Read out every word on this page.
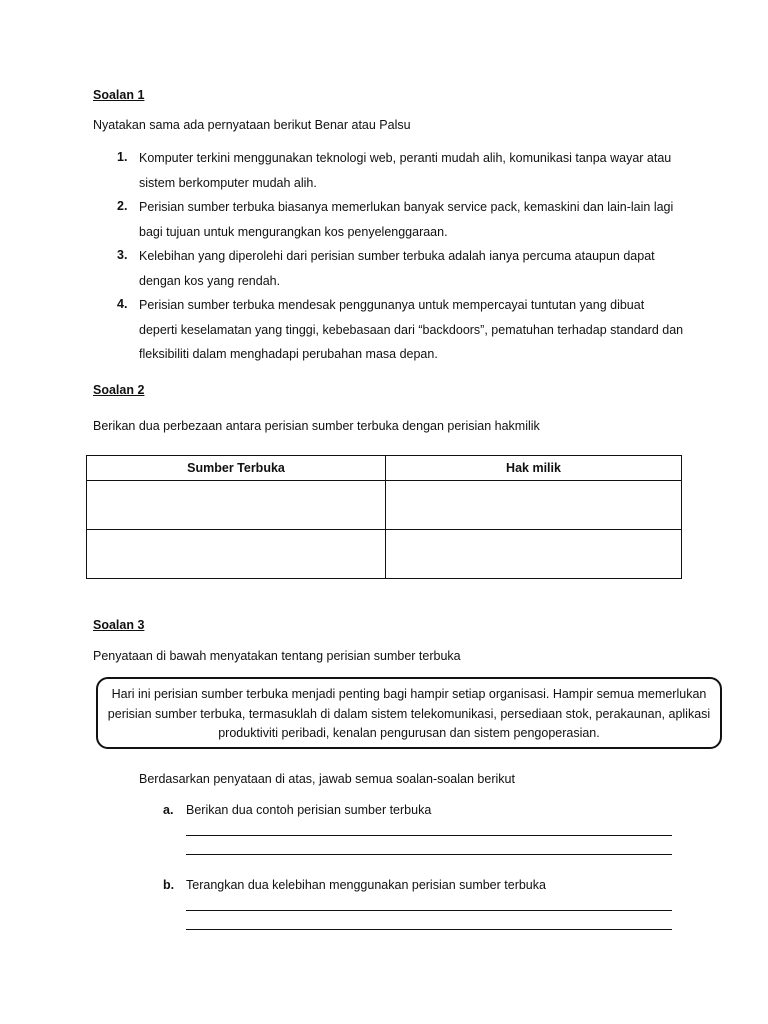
Soalan 1
Nyatakan sama ada pernyataan berikut Benar atau Palsu
1. Komputer terkini menggunakan teknologi web, peranti mudah alih, komunikasi tanpa wayar atau sistem berkomputer mudah alih.
2. Perisian sumber terbuka biasanya memerlukan banyak service pack, kemaskini dan lain-lain lagi bagi tujuan untuk mengurangkan kos penyelenggaraan.
3. Kelebihan yang diperolehi dari perisian sumber terbuka adalah ianya percuma ataupun dapat dengan kos yang rendah.
4. Perisian sumber terbuka mendesak penggunanya untuk mempercayai tuntutan yang dibuat deperti keselamatan yang tinggi, kebebasaan dari “backdoors”, pematuhan terhadap standard dan fleksibiliti dalam menghadapi perubahan masa depan.
Soalan 2
Berikan dua perbezaan antara perisian sumber terbuka dengan perisian hakmilik
Sumber Terbuka	Hak milik

Soalan 3
Penyataan di bawah menyatakan tentang perisian sumber terbuka
Hari ini perisian sumber terbuka menjadi penting bagi hampir setiap organisasi. Hampir semua memerlukan perisian sumber terbuka, termasuklah di dalam sistem telekomunikasi, persediaan stok, perakaunan, aplikasi produktiviti peribadi, kenalan pengurusan dan sistem pengoperasian.
Berdasarkan penyataan di atas, jawab semua soalan-soalan berikut
a. Berikan dua contoh perisian sumber terbuka
b. Terangkan dua kelebihan menggunakan perisian sumber terbuka
